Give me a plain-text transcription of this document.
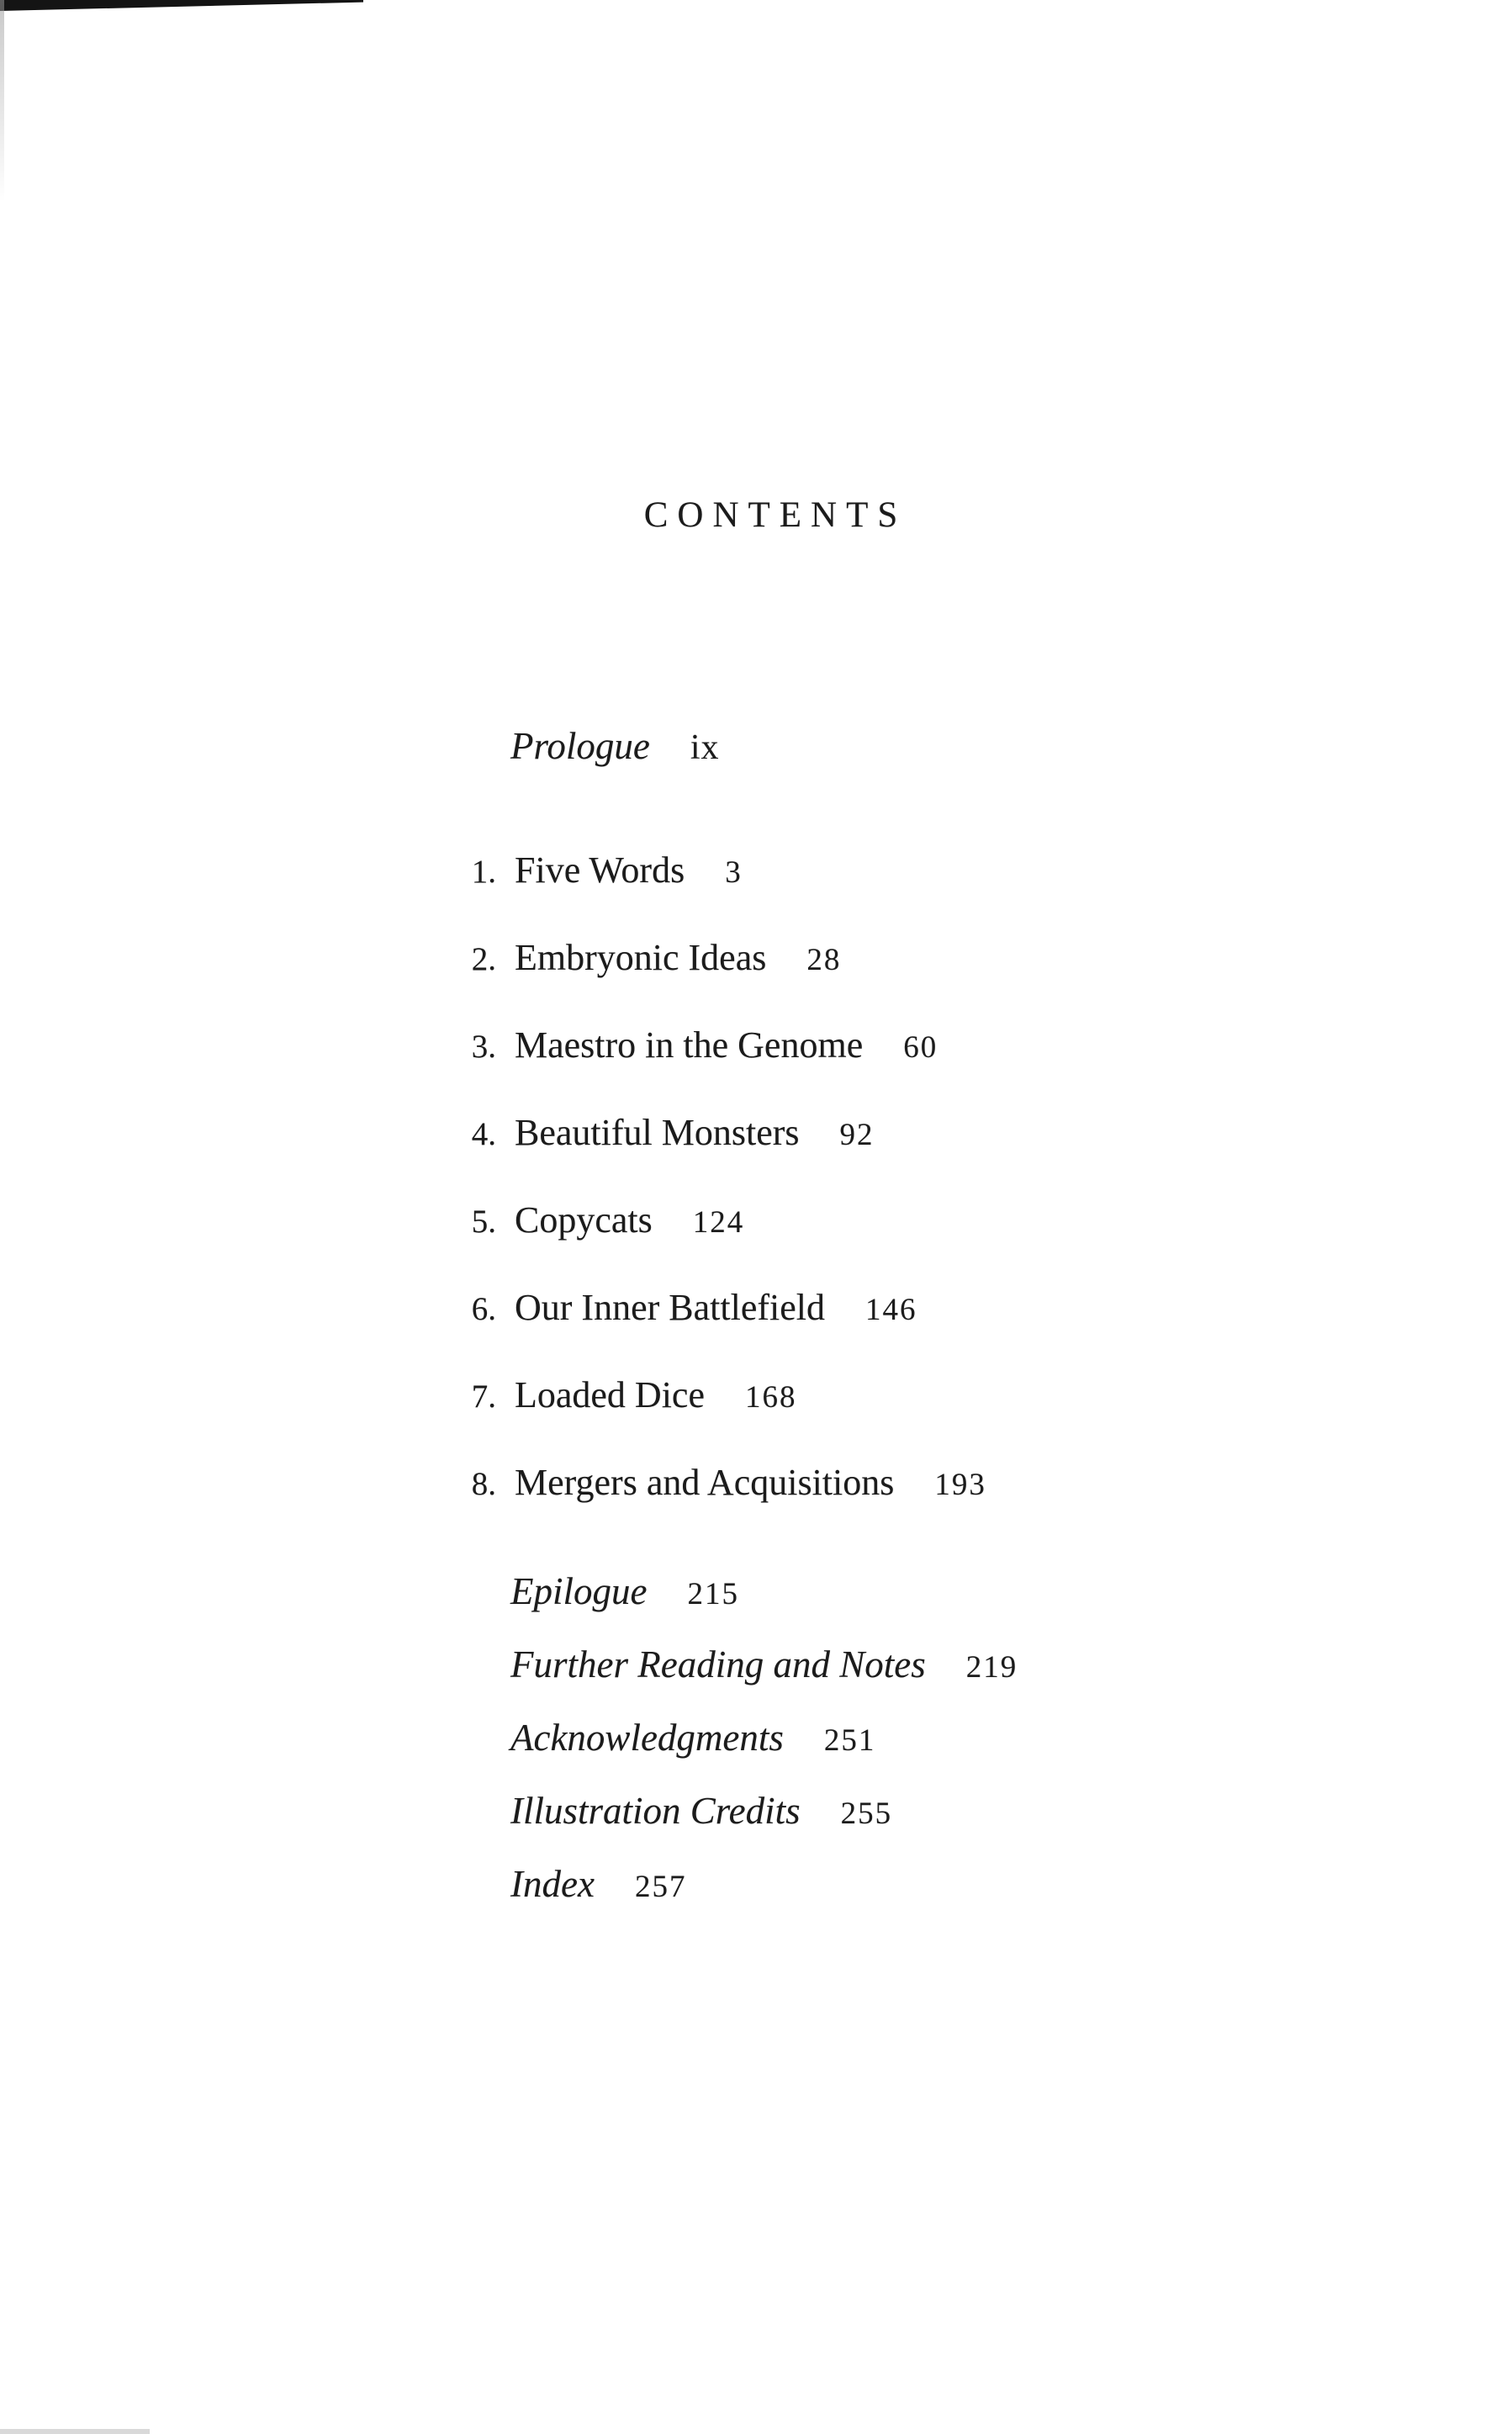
CONTENTS
Prologue ix
1. Five Words 3
2. Embryonic Ideas 28
3. Maestro in the Genome 60
4. Beautiful Monsters 92
5. Copycats 124
6. Our Inner Battlefield 146
7. Loaded Dice 168
8. Mergers and Acquisitions 193
Epilogue 215
Further Reading and Notes 219
Acknowledgments 251
Illustration Credits 255
Index 257
